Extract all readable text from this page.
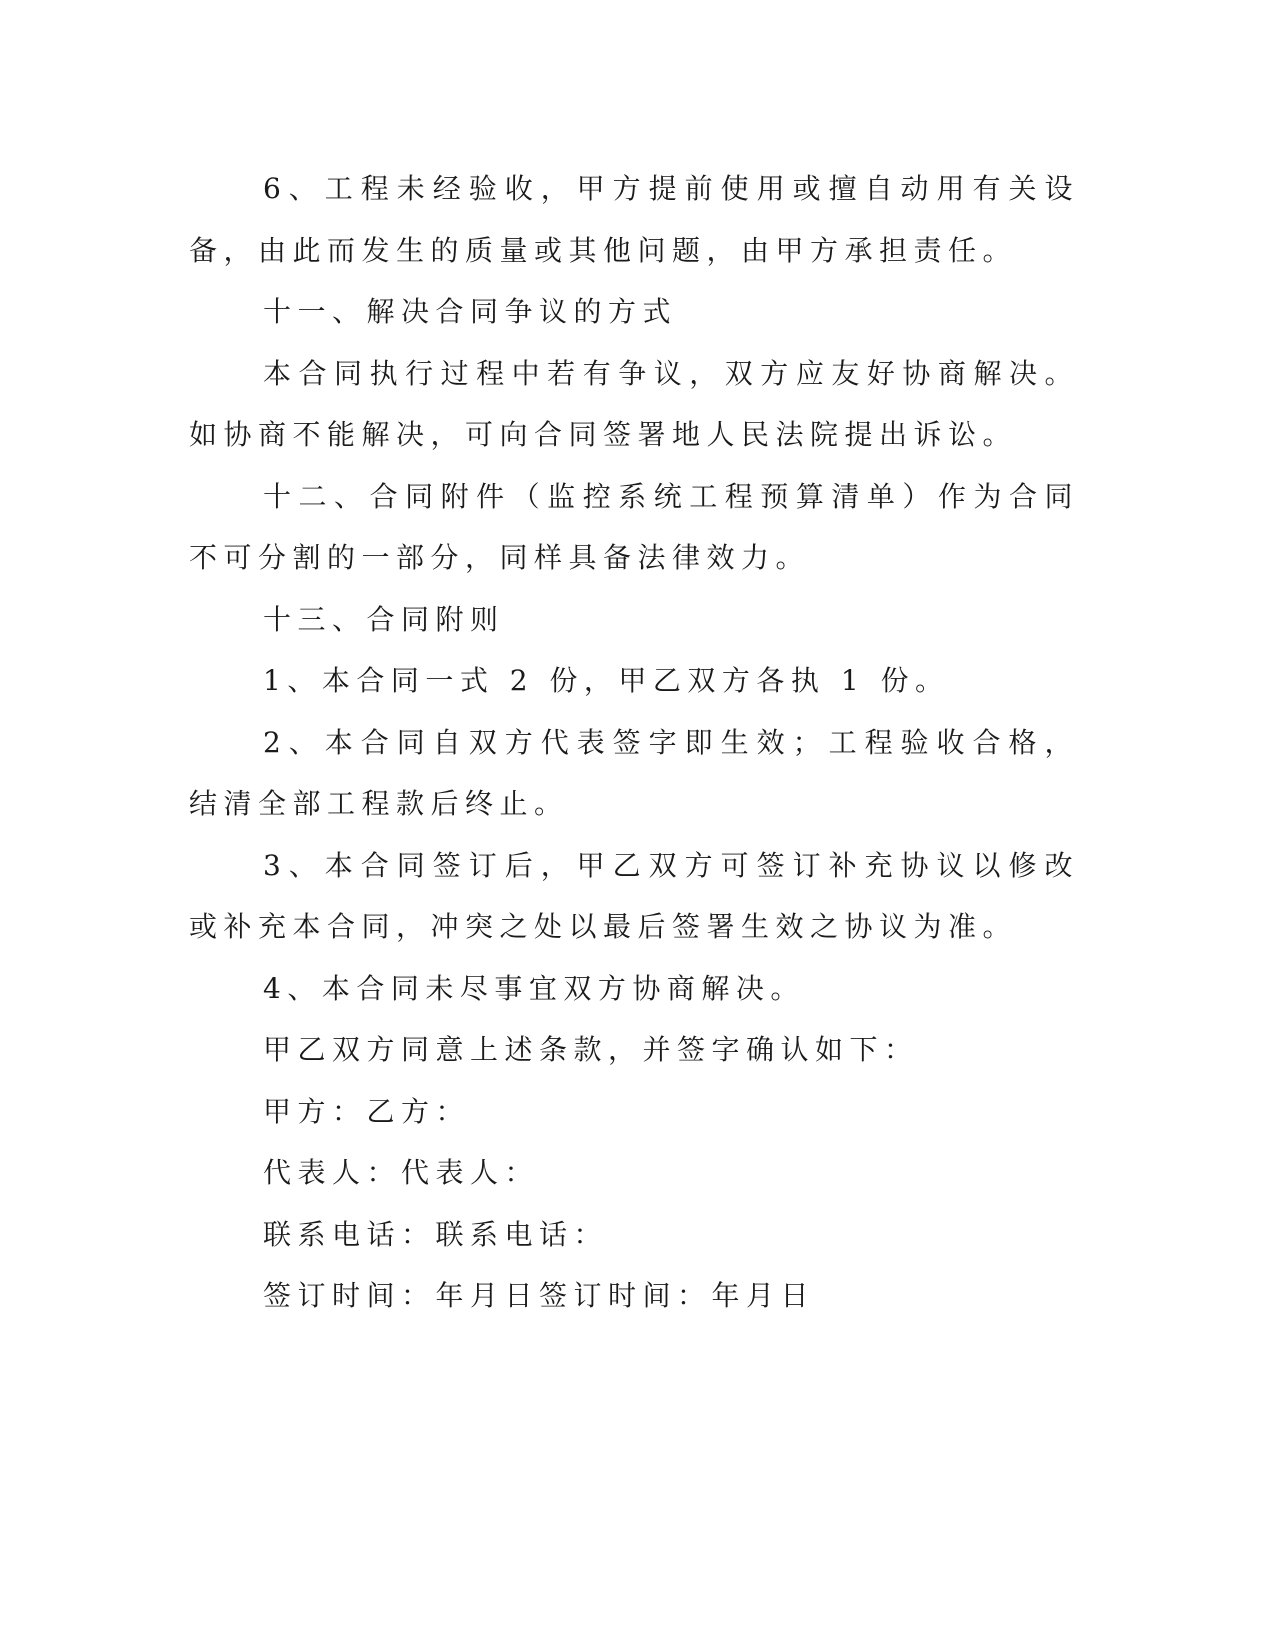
6、工程未经验收，甲方提前使用或擅自动用有关设备，由此而发生的质量或其他问题，由甲方承担责任。

十一、解决合同争议的方式

本合同执行过程中若有争议，双方应友好协商解决。如协商不能解决，可向合同签署地人民法院提出诉讼。

十二、合同附件（监控系统工程预算清单）作为合同不可分割的一部分，同样具备法律效力。

十三、合同附则

1、本合同一式 2 份，甲乙双方各执 1 份。

2、本合同自双方代表签字即生效；工程验收合格，结清全部工程款后终止。

3、本合同签订后，甲乙双方可签订补充协议以修改或补充本合同，冲突之处以最后签署生效之协议为准。

4、本合同未尽事宜双方协商解决。

甲乙双方同意上述条款，并签字确认如下：

甲方：乙方：

代表人：代表人：

联系电话：联系电话：

签订时间：年月日签订时间：年月日
